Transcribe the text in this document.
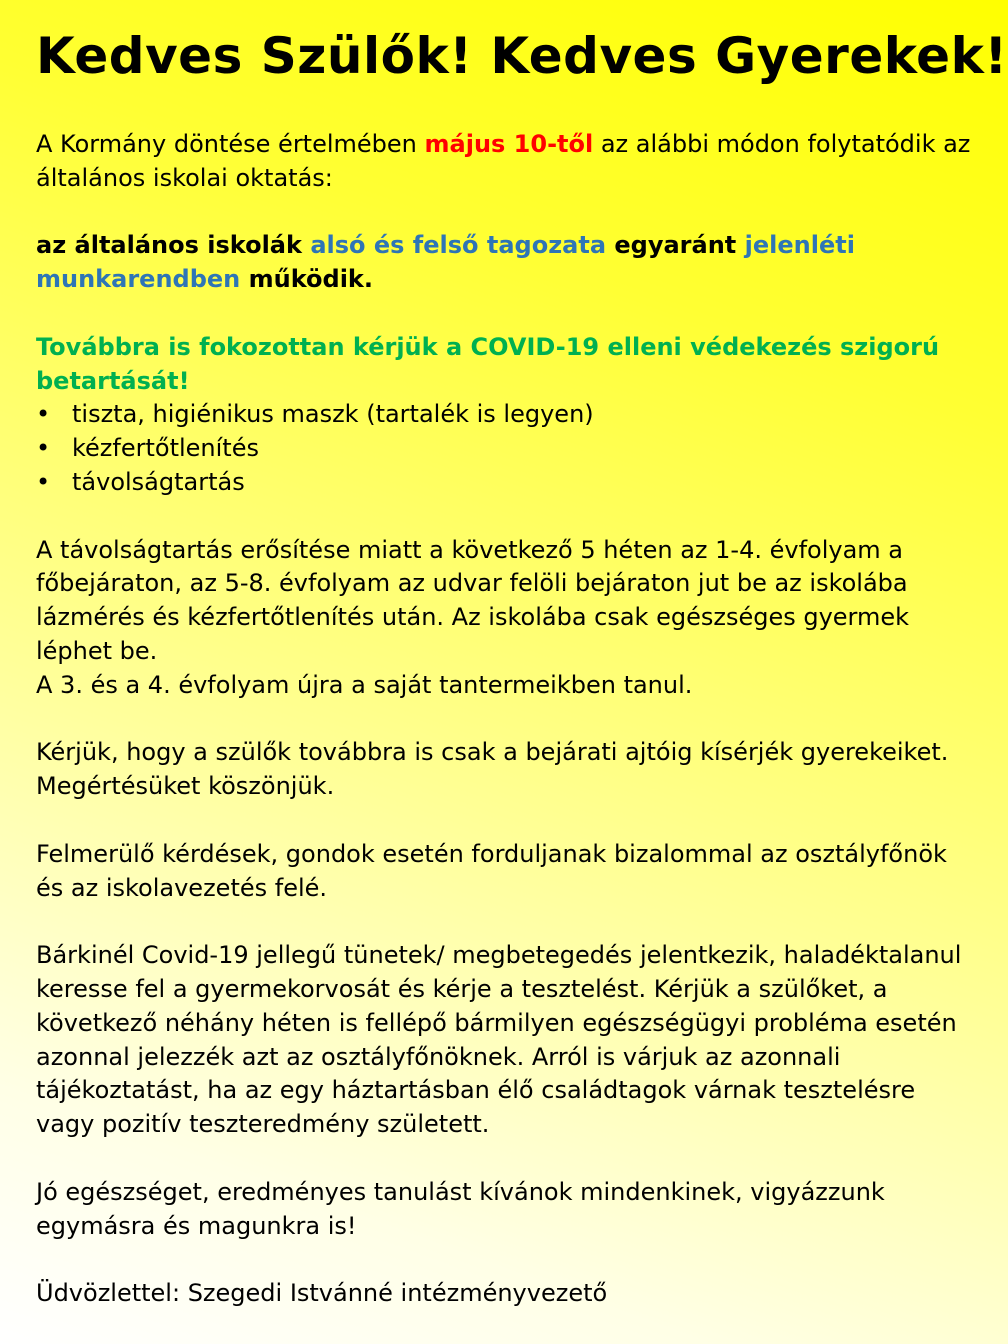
Kedves Szülők! Kedves Gyerekek!

A Kormány döntése értelmében május 10-től az alábbi módon folytatódik az általános iskolai oktatás:

az általános iskolák alsó és felső tagozata egyaránt jelenléti munkarendben működik.

Továbbra is fokozottan kérjük a COVID-19 elleni védekezés szigorú betartását!

• tiszta, higiénikus maszk (tartalék is legyen)
• kézfertőtlenítés
• távolságtartás

A távolságtartás erősítése miatt a következő 5 héten az 1-4. évfolyam a főbejáraton, az 5-8. évfolyam az udvar felöli bejáraton jut be az iskolába lázmérés és kézfertőtlenítés után. Az iskolába csak egészséges gyermek léphet be.

A 3. és a 4. évfolyam újra a saját tantermeikben tanul.

Kérjük, hogy a szülők továbbra is csak a bejárati ajtóig kísérjék gyerekeiket. Megértésüket köszönjük.

Felmerülő kérdések, gondok esetén forduljanak bizalommal az osztályfőnök és az iskolavezetés felé.

Bárkinél Covid-19 jellegű tünetek/ megbetegedés jelentkezik, haladéktalanul keresse fel a gyermekorvosát és kérje a tesztelést. Kérjük a szülőket, a következő néhány héten is fellépő bármilyen egészségügyi probléma esetén azonnal jelezzék azt az osztályfőnöknek. Arról is várjuk az azonnali tájékoztatást, ha az egy háztartásban élő családtagok várnak tesztelésre vagy pozitív teszteredmény született.

Jó egészséget, eredményes tanulást kívánok mindenkinek, vigyázzunk egymásra és magunkra is!

Üdvözlettel: Szegedi Istvánné intézményvezető
